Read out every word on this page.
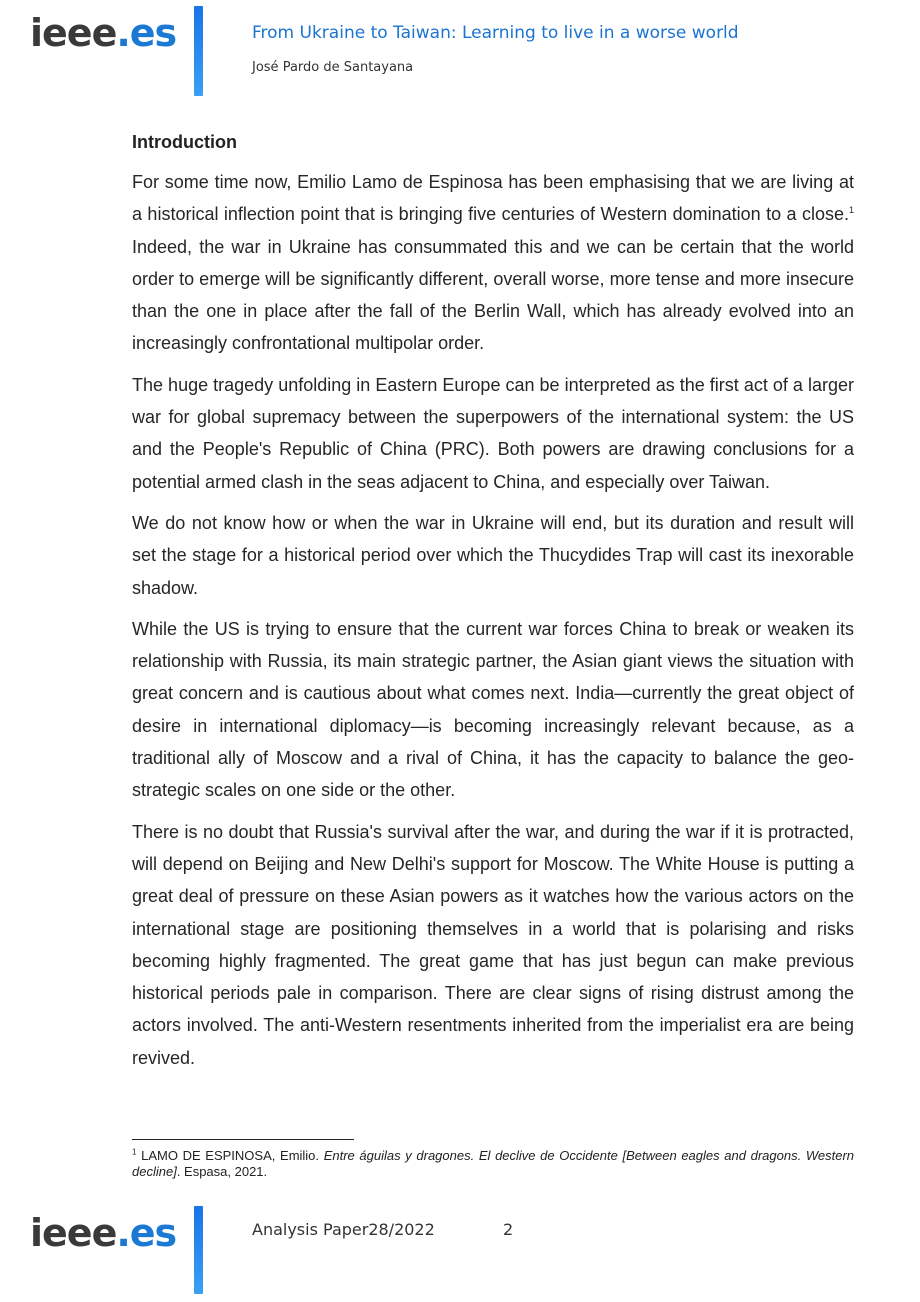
ieee.es	From Ukraine to Taiwan: Learning to live in a worse world
José Pardo de Santayana
Introduction

For some time now, Emilio Lamo de Espinosa has been emphasising that we are living at a historical inflection point that is bringing five centuries of Western domination to a close.$^1$ Indeed, the war in Ukraine has consummated this and we can be certain that the world order to emerge will be significantly different, overall worse, more tense and more insecure than the one in place after the fall of the Berlin Wall, which has already evolved into an increasingly confrontational multipolar order.

The huge tragedy unfolding in Eastern Europe can be interpreted as the first act of a larger war for global supremacy between the superpowers of the international system: the US and the People's Republic of China (PRC). Both powers are drawing conclusions for a potential armed clash in the seas adjacent to China, and especially over Taiwan.

We do not know how or when the war in Ukraine will end, but its duration and result will set the stage for a historical period over which the Thucydides Trap will cast its inexorable shadow.

While the US is trying to ensure that the current war forces China to break or weaken its relationship with Russia, its main strategic partner, the Asian giant views the situation with great concern and is cautious about what comes next. India—currently the great object of desire in international diplomacy—is becoming increasingly relevant because, as a traditional ally of Moscow and a rival of China, it has the capacity to balance the geo-strategic scales on one side or the other.

There is no doubt that Russia's survival after the war, and during the war if it is protracted, will depend on Beijing and New Delhi's support for Moscow. The White House is putting a great deal of pressure on these Asian powers as it watches how the various actors on the international stage are positioning themselves in a world that is polarising and risks becoming highly fragmented. The great game that has just begun can make previous historical periods pale in comparison. There are clear signs of rising distrust among the actors involved. The anti-Western resentments inherited from the imperialist era are being revived.

$^1$ LAMO DE ESPINOSA, Emilio. Entre águilas y dragones. El declive de Occidente [Between eagles and dragons. Western decline]. Espasa, 2021.
ieee.es	Analysis Paper28/2022	2
